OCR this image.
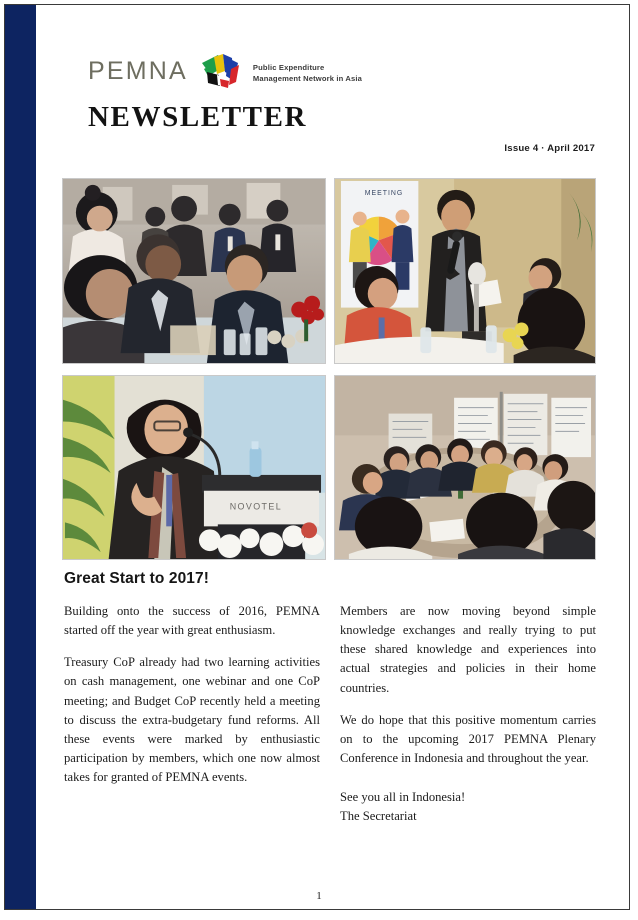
PEMNA	Public Expenditure
Management Network in Asia
NEWSLETTER
Issue 4 · April 2017
MEETING
NOVOTEL
Great Start to 2017!

Building onto the success of 2016, PEMNA started off the year with great enthusiasm.

Treasury CoP already had two learning activities on cash management, one webinar and one CoP meeting; and Budget CoP recently held a meeting to discuss the extra-budgetary fund reforms. All these events were marked by enthusiastic participation by members, which one now almost takes for granted of PEMNA events.

Members are now moving beyond simple knowledge exchanges and really trying to put these shared knowledge and experiences into actual strategies and policies in their home countries.

We do hope that this positive momentum carries on to the upcoming 2017 PEMNA Plenary Conference in Indonesia and throughout the year.

See you all in Indonesia!

The Secretariat

1
